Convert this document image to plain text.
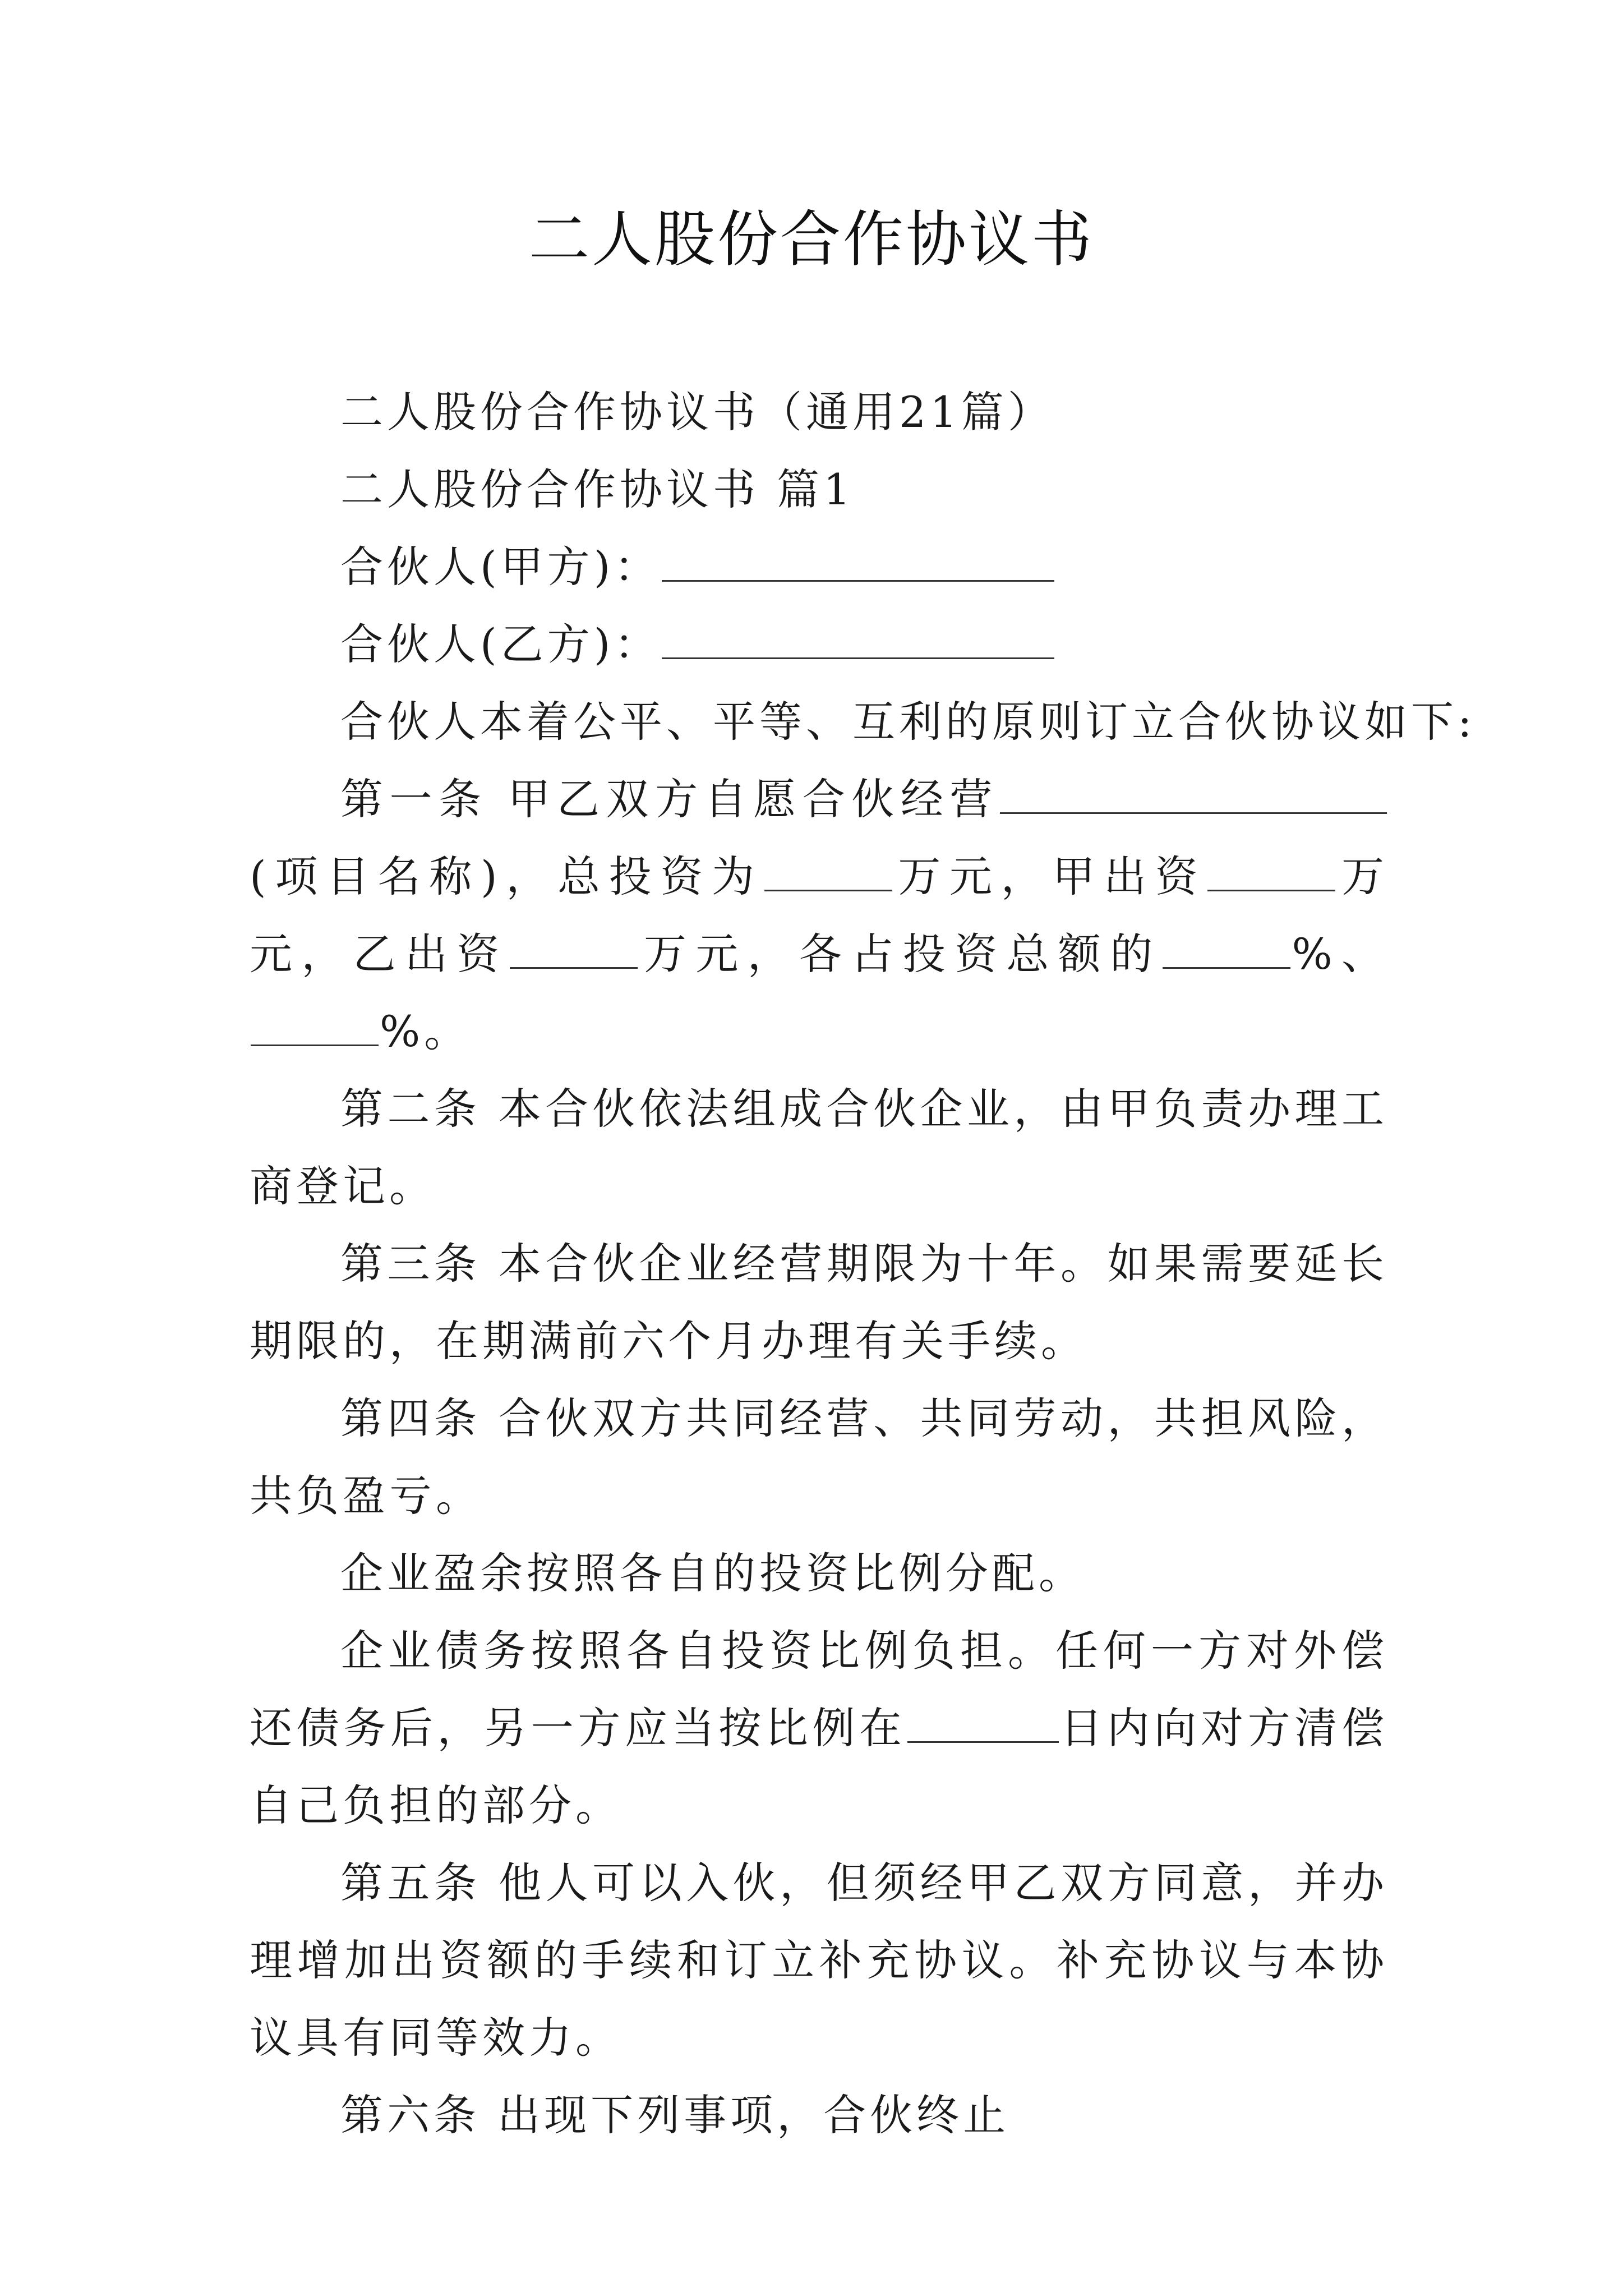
二人股份合作协议书

二人股份合作协议书（通用21篇）

二人股份合作协议书 篇1

合伙人(甲方)：

合伙人(乙方)：

合伙人本着公平、平等、互利的原则订立合伙协议如下:

第一条 甲乙双方自愿合伙经营(项目名称)，总投资为	万元，甲出资	万元，乙出资	万元，各占投资总额的	%、%。

第二条 本合伙依法组成合伙企业，由甲负责办理工商登记。

第三条 本合伙企业经营期限为十年。如果需要延长期限的，在期满前六个月办理有关手续。

第四条 合伙双方共同经营、共同劳动，共担风险，共负盈亏。

企业盈余按照各自的投资比例分配。

企业债务按照各自投资比例负担。任何一方对外偿还债务后，另一方应当按比例在	日内向对方清偿自己负担的部分。

第五条 他人可以入伙，但须经甲乙双方同意，并办理增加出资额的手续和订立补充协议。补充协议与本协议具有同等效力。

第六条 出现下列事项，合伙终止
